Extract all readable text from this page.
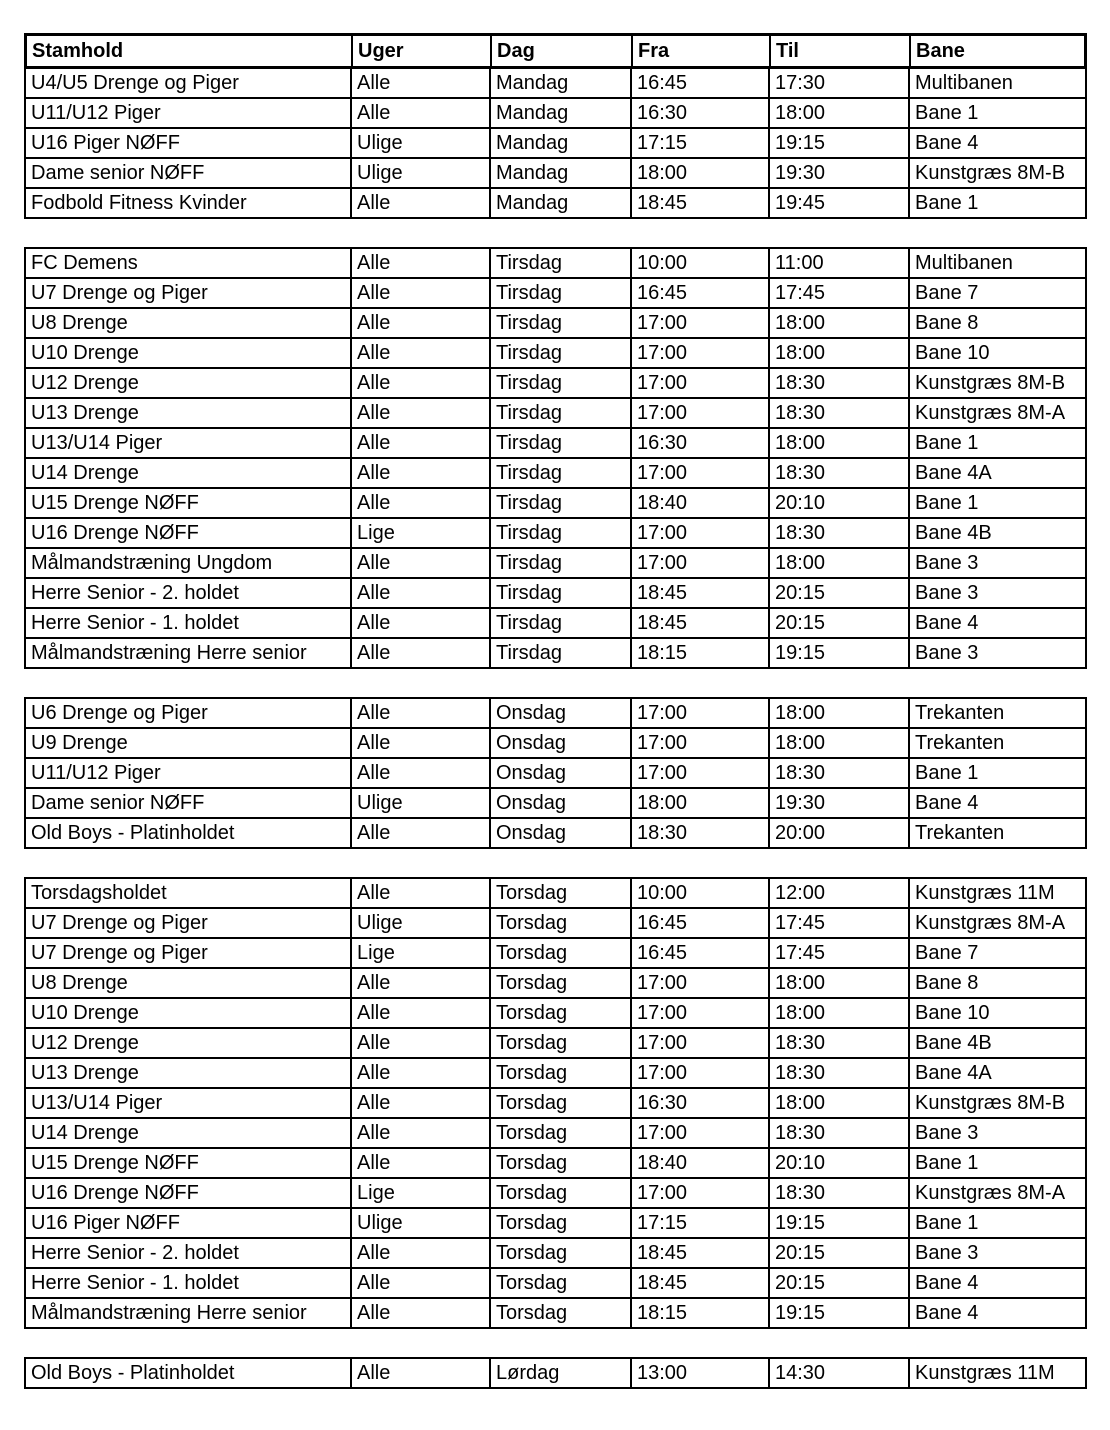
Stamhold	Uger	Dag	Fra	Til	Bane
U4/U5 Drenge og Piger	Alle	Mandag	16:45	17:30	Multibanen
U11/U12 Piger	Alle	Mandag	16:30	18:00	Bane 1
U16 Piger NØFF	Ulige	Mandag	17:15	19:15	Bane 4
Dame senior NØFF	Ulige	Mandag	18:00	19:30	Kunstgræs 8M-B
Fodbold Fitness Kvinder	Alle	Mandag	18:45	19:45	Bane 1
FC Demens	Alle	Tirsdag	10:00	11:00	Multibanen
U7 Drenge og Piger	Alle	Tirsdag	16:45	17:45	Bane 7
U8 Drenge	Alle	Tirsdag	17:00	18:00	Bane 8
U10 Drenge	Alle	Tirsdag	17:00	18:00	Bane 10
U12 Drenge	Alle	Tirsdag	17:00	18:30	Kunstgræs 8M-B
U13 Drenge	Alle	Tirsdag	17:00	18:30	Kunstgræs 8M-A
U13/U14 Piger	Alle	Tirsdag	16:30	18:00	Bane 1
U14 Drenge	Alle	Tirsdag	17:00	18:30	Bane 4A
U15 Drenge NØFF	Alle	Tirsdag	18:40	20:10	Bane 1
U16 Drenge NØFF	Lige	Tirsdag	17:00	18:30	Bane 4B
Målmandstræning Ungdom	Alle	Tirsdag	17:00	18:00	Bane 3
Herre Senior - 2. holdet	Alle	Tirsdag	18:45	20:15	Bane 3
Herre Senior - 1. holdet	Alle	Tirsdag	18:45	20:15	Bane 4
Målmandstræning Herre senior	Alle	Tirsdag	18:15	19:15	Bane 3
U6 Drenge og Piger	Alle	Onsdag	17:00	18:00	Trekanten
U9 Drenge	Alle	Onsdag	17:00	18:00	Trekanten
U11/U12 Piger	Alle	Onsdag	17:00	18:30	Bane 1
Dame senior NØFF	Ulige	Onsdag	18:00	19:30	Bane 4
Old Boys - Platinholdet	Alle	Onsdag	18:30	20:00	Trekanten
Torsdagsholdet	Alle	Torsdag	10:00	12:00	Kunstgræs 11M
U7 Drenge og Piger	Ulige	Torsdag	16:45	17:45	Kunstgræs 8M-A
U7 Drenge og Piger	Lige	Torsdag	16:45	17:45	Bane 7
U8 Drenge	Alle	Torsdag	17:00	18:00	Bane 8
U10 Drenge	Alle	Torsdag	17:00	18:00	Bane 10
U12 Drenge	Alle	Torsdag	17:00	18:30	Bane 4B
U13 Drenge	Alle	Torsdag	17:00	18:30	Bane 4A
U13/U14 Piger	Alle	Torsdag	16:30	18:00	Kunstgræs 8M-B
U14 Drenge	Alle	Torsdag	17:00	18:30	Bane 3
U15 Drenge NØFF	Alle	Torsdag	18:40	20:10	Bane 1
U16 Drenge NØFF	Lige	Torsdag	17:00	18:30	Kunstgræs 8M-A
U16 Piger NØFF	Ulige	Torsdag	17:15	19:15	Bane 1
Herre Senior - 2. holdet	Alle	Torsdag	18:45	20:15	Bane 3
Herre Senior - 1. holdet	Alle	Torsdag	18:45	20:15	Bane 4
Målmandstræning Herre senior	Alle	Torsdag	18:15	19:15	Bane 4
Old Boys - Platinholdet	Alle	Lørdag	13:00	14:30	Kunstgræs 11M
